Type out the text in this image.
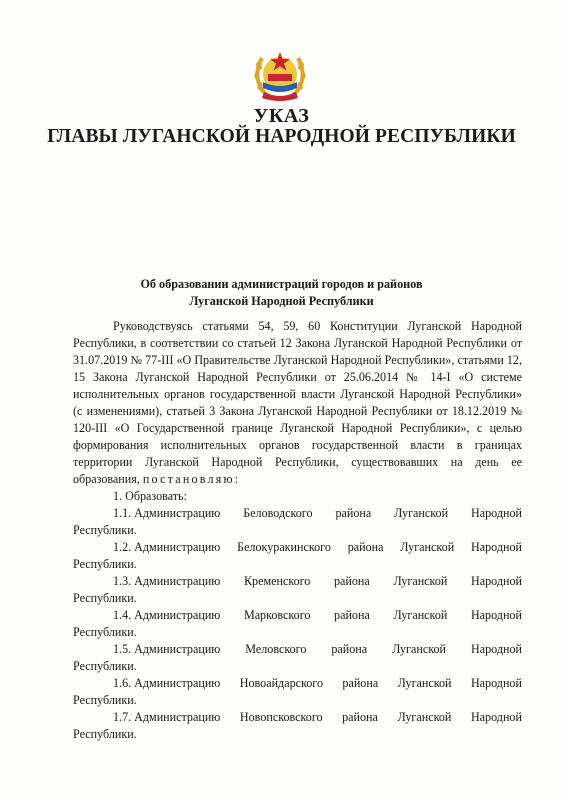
УКАЗ
ГЛАВЫ ЛУГАНСКОЙ НАРОДНОЙ РЕСПУБЛИКИ
Об образовании администраций городов и районов
Луганской Народной Республики

Руководствуясь статьями 54, 59, 60 Конституции Луганской Народной Республики, в соответствии со статьей 12 Закона Луганской Народной Республики от 31.07.2019 № 77-III «О Правительстве Луганской Народной Республики», статьями 12, 15 Закона Луганской Народной Республики от 25.06.2014 № 14-I «О системе исполнительных органов государственной власти Луганской Народной Республики» (с изменениями), статьей 3 Закона Луганской Народной Республики от 18.12.2019 № 120-III «О Государственной границе Луганской Народной Республики», с целью формирования исполнительных органов государственной власти в границах территории Луганской Народной Республики, существовавших на день ее образования, постановляю:

1. Образовать:

1.1. Администрацию Беловодского района Луганской Народной
Республики.
1.2. Администрацию Белокуракинского района Луганской Народной
Республики.
1.3. Администрацию Кременского района Луганской Народной
Республики.
1.4. Администрацию Марковского района Луганской Народной
Республики.
1.5. Администрацию Меловского района Луганской Народной
Республики.
1.6. Администрацию Новоайдарского района Луганской Народной
Республики.
1.7. Администрацию Новопсковского района Луганской Народной
Республики.
